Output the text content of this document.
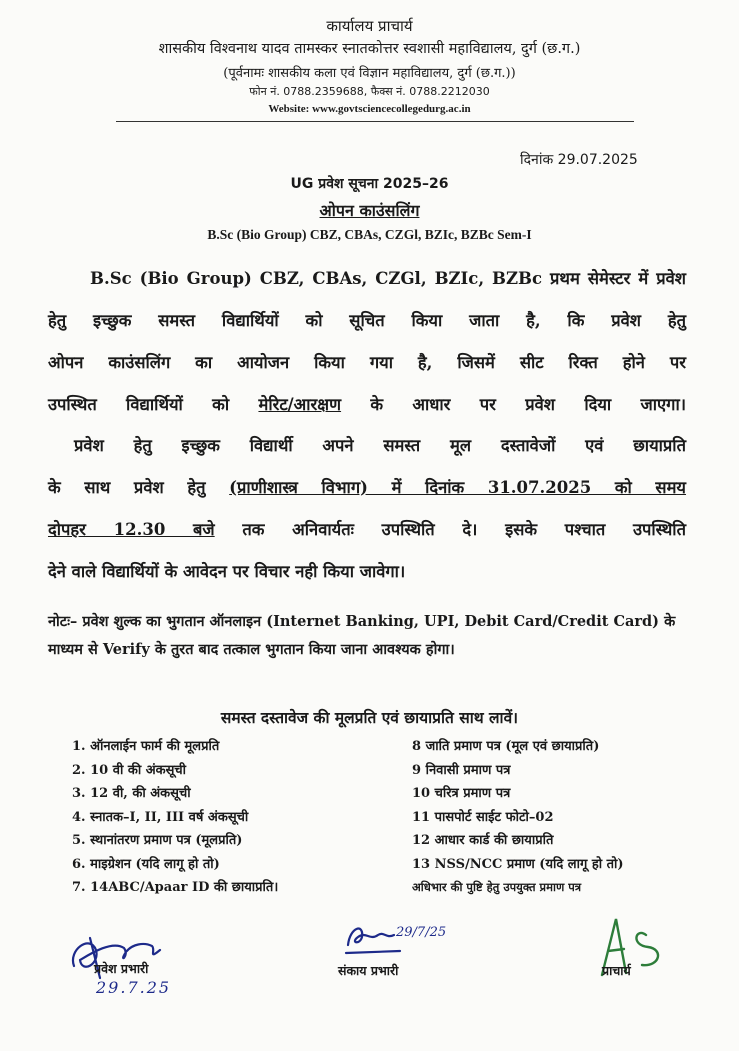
कार्यालय प्राचार्य
शासकीय विश्वनाथ यादव तामस्कर स्नातकोत्तर स्वशासी महाविद्यालय, दुर्ग (छ.ग.)
(पूर्वनामः शासकीय कला एवं विज्ञान महाविद्यालय, दुर्ग (छ.ग.))
फोन नं. 0788.2359688, फैक्स नं. 0788.2212030
Website: www.govtsciencecollegedurg.ac.in
दिनांक 29.07.2025
UG प्रवेश सूचना 2025–26
ओपन काउंसलिंग
B.Sc (Bio Group) CBZ, CBAs, CZGl, BZIc, BZBc Sem-I
B.Sc (Bio Group) CBZ, CBAs, CZGl, BZIc, BZBc प्रथम सेमेस्टर में प्रवेश
हेतु इच्छुक समस्त विद्यार्थियों को सूचित किया जाता है, कि प्रवेश हेतु
ओपन काउंसलिंग का आयोजन किया गया है, जिसमें सीट रिक्त होने पर
उपस्थित विद्यार्थियों को मेरिट/आरक्षण के आधार पर प्रवेश दिया जाएगा।
प्रवेश हेतु इच्छुक विद्यार्थी अपने समस्त मूल दस्तावेजों एवं छायाप्रति
के साथ प्रवेश हेतु (प्राणीशास्त्र विभाग) में दिनांक 31.07.2025 को समय
दोपहर 12.30 बजे तक अनिवार्यतः उपस्थिति दे। इसके पश्चात उपस्थिति
देने वाले विद्यार्थियों के आवेदन पर विचार नही किया जावेगा।
नोटः– प्रवेश शुल्क का भुगतान ऑनलाइन (Internet Banking, UPI, Debit Card/Credit Card) के माध्यम से Verify के तुरत बाद तत्काल भुगतान किया जाना आवश्यक होगा।
समस्त दस्तावेज की मूलप्रति एवं छायाप्रति साथ लावें।
1. ऑनलाईन फार्म की मूलप्रति
2. 10 वी की अंकसूची
3. 12 वी, की अंकसूची
4. स्नातक–I, II, III वर्ष अंकसूची
5. स्थानांतरण प्रमाण पत्र (मूलप्रति)
6. माइग्रेशन (यदि लागू हो तो)
7. 14ABC/Apaar ID की छायाप्रति।
8 जाति प्रमाण पत्र (मूल एवं छायाप्रति)
9 निवासी प्रमाण पत्र
10 चरित्र प्रमाण पत्र
11 पासपोर्ट साईट फोटो–02
12 आधार कार्ड की छायाप्रति
13 NSS/NCC प्रमाण (यदि लागू हो तो)
अधिभार की पुष्टि हेतु उपयुक्त प्रमाण पत्र
प्रवेश प्रभारी
29.7.25
29/7/25
संकाय प्रभारी	प्राचार्य
